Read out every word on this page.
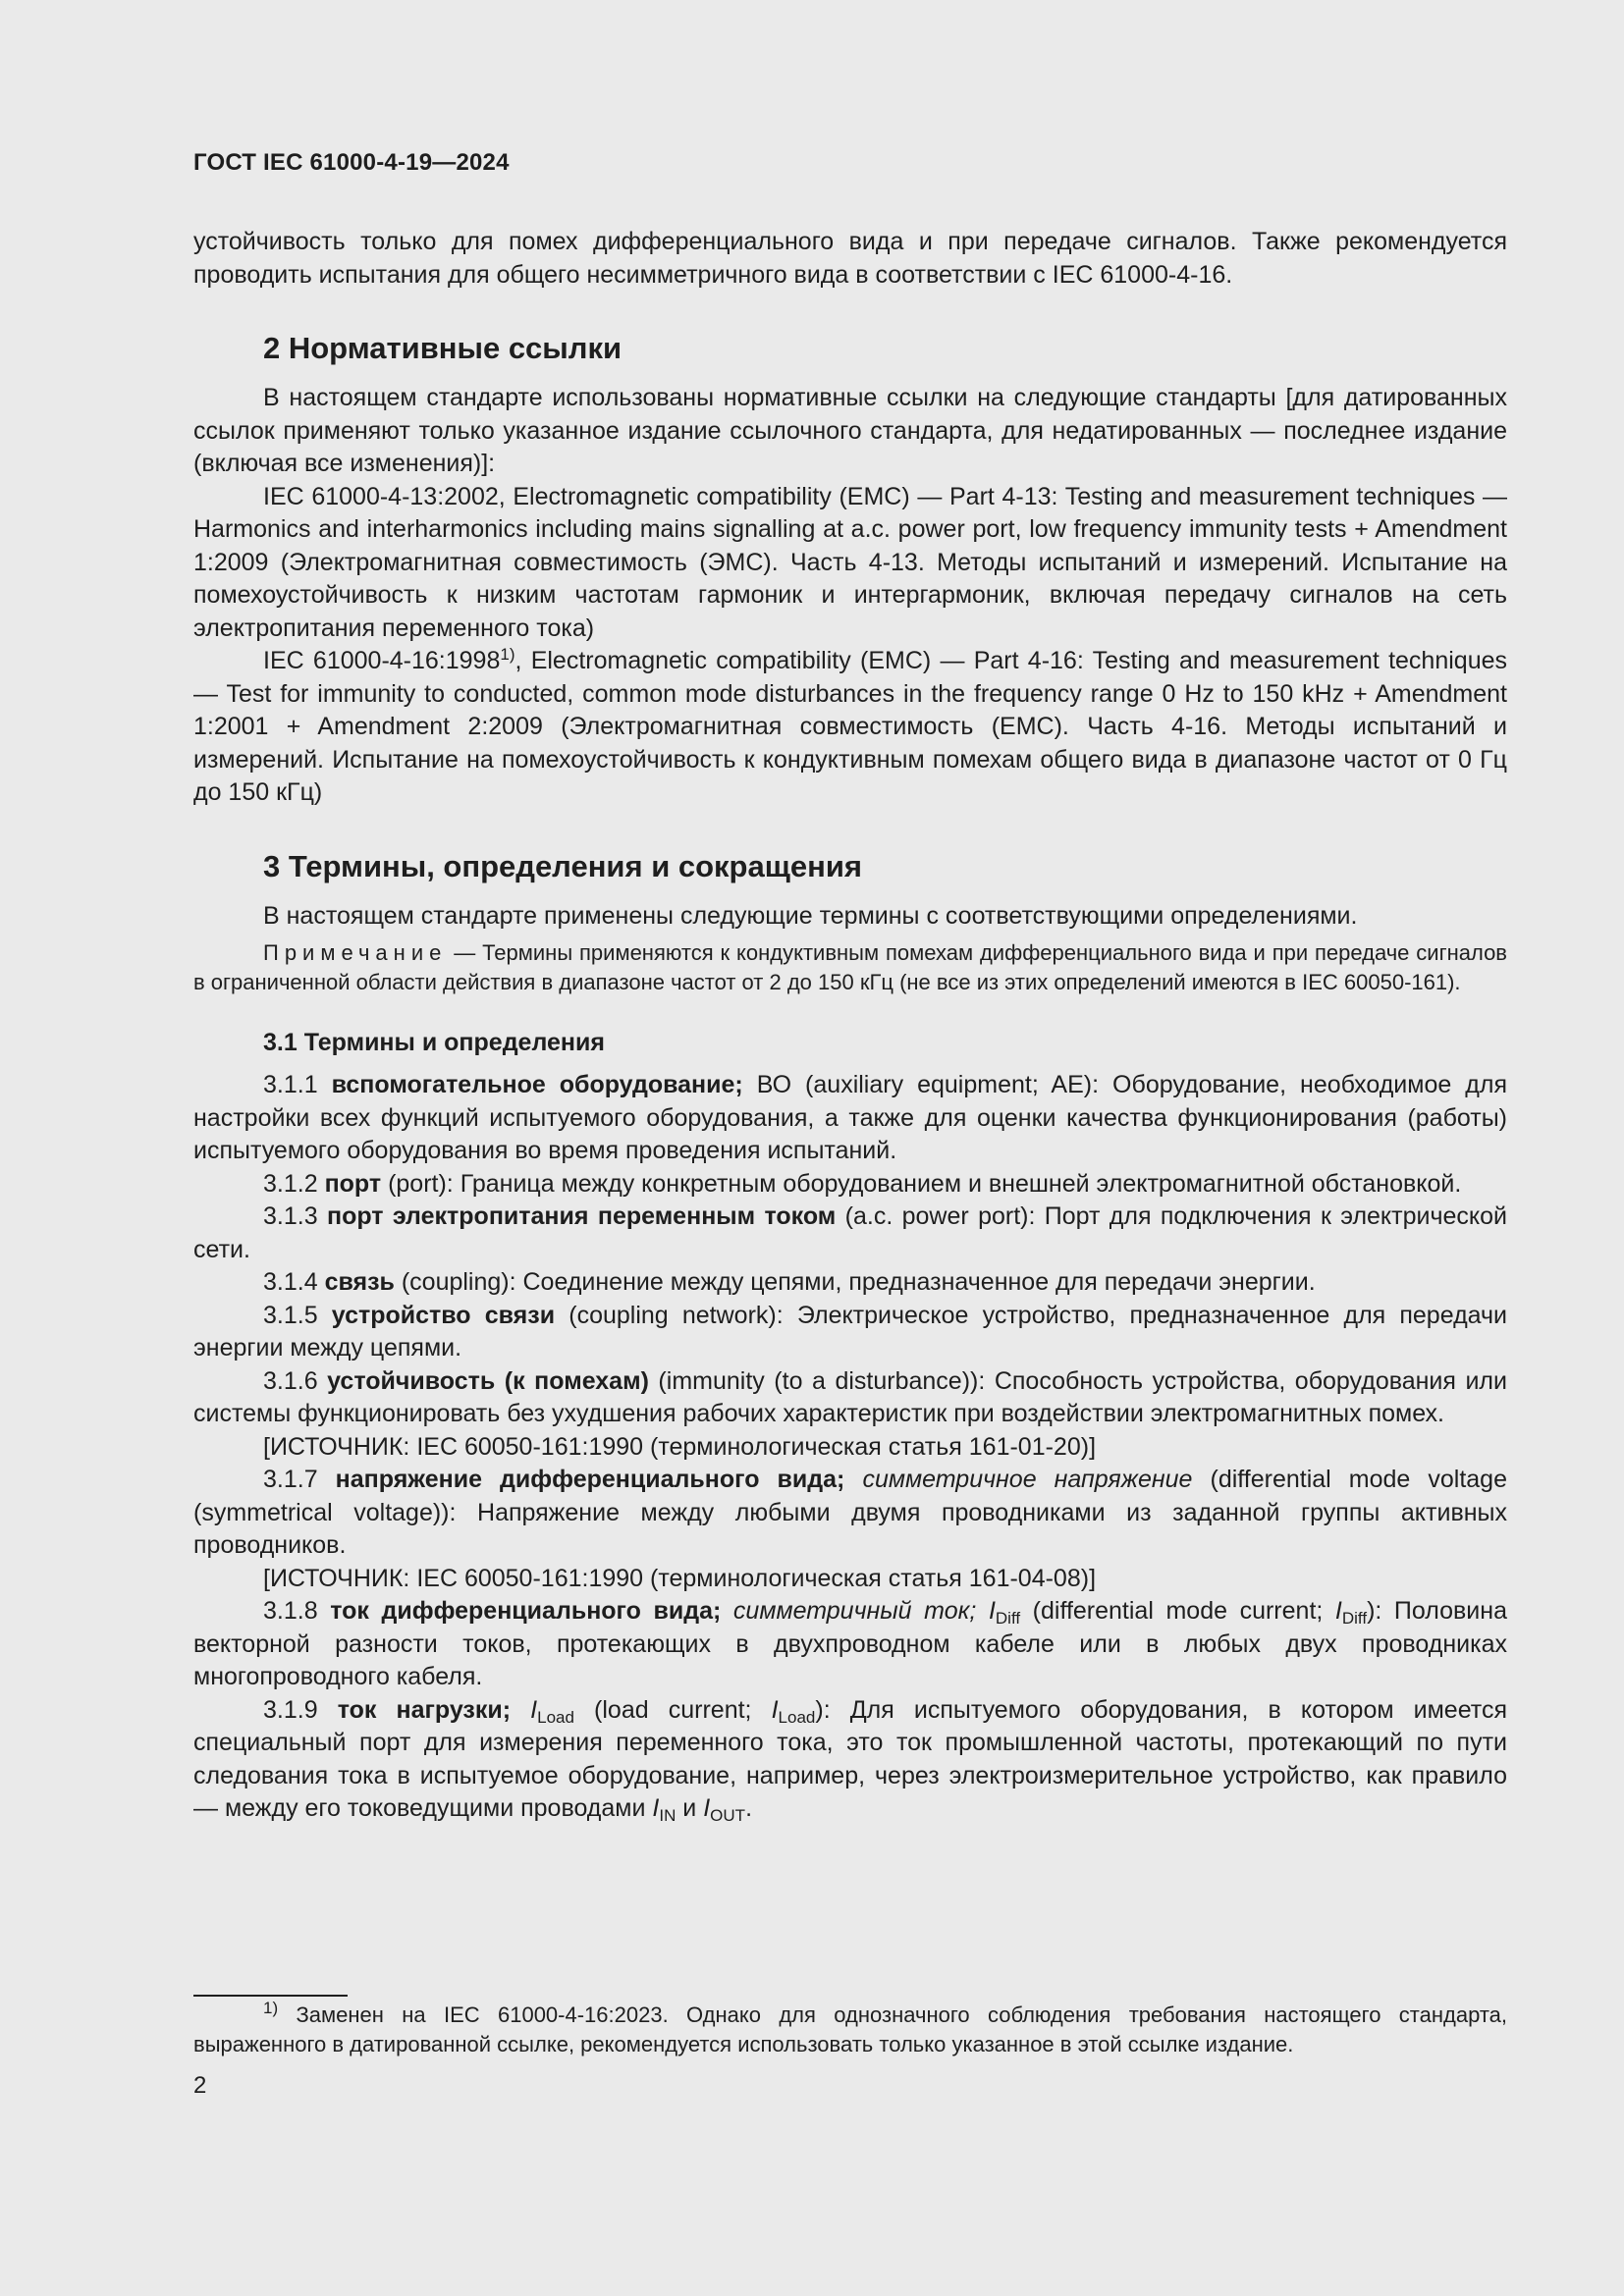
ГОСТ IEC 61000-4-19—2024

устойчивость только для помех дифференциального вида и при передаче сигналов. Также рекомендуется проводить испытания для общего несимметричного вида в соответствии с IEC 61000-4-16.

2 Нормативные ссылки

В настоящем стандарте использованы нормативные ссылки на следующие стандарты [для датированных ссылок применяют только указанное издание ссылочного стандарта, для недатированных — последнее издание (включая все изменения)]:

IEC 61000-4-13:2002, Electromagnetic compatibility (EMC) — Part 4-13: Testing and measurement techniques — Harmonics and interharmonics including mains signalling at a.c. power port, low frequency immunity tests + Amendment 1:2009 (Электромагнитная совместимость (ЭМС). Часть 4-13. Методы испытаний и измерений. Испытание на помехоустойчивость к низким частотам гармоник и интергармоник, включая передачу сигналов на сеть электропитания переменного тока)

IEC 61000-4-16:1998$^{1)}$, Electromagnetic compatibility (EMC) — Part 4-16: Testing and measurement techniques — Test for immunity to conducted, common mode disturbances in the frequency range 0 Hz to 150 kHz + Amendment 1:2001 + Amendment 2:2009 (Электромагнитная совместимость (ЕМС). Часть 4-16. Методы испытаний и измерений. Испытание на помехоустойчивость к кондуктивным помехам общего вида в диапазоне частот от 0 Гц до 150 кГц)

3 Термины, определения и сокращения

В настоящем стандарте применены следующие термины с соответствующими определениями.

Примечание — Термины применяются к кондуктивным помехам дифференциального вида и при передаче сигналов в ограниченной области действия в диапазоне частот от 2 до 150 кГц (не все из этих определений имеются в IEC 60050-161).

3.1 Термины и определения

3.1.1 вспомогательное оборудование; ВО (auxiliary equipment; AE): Оборудование, необходимое для настройки всех функций испытуемого оборудования, а также для оценки качества функционирования (работы) испытуемого оборудования во время проведения испытаний.

3.1.2 порт (port): Граница между конкретным оборудованием и внешней электромагнитной обстановкой.

3.1.3 порт электропитания переменным током (a.c. power port): Порт для подключения к электрической сети.

3.1.4 связь (coupling): Соединение между цепями, предназначенное для передачи энергии.

3.1.5 устройство связи (coupling network): Электрическое устройство, предназначенное для передачи энергии между цепями.

3.1.6 устойчивость (к помехам) (immunity (to a disturbance)): Способность устройства, оборудования или системы функционировать без ухудшения рабочих характеристик при воздействии электромагнитных помех.

[ИСТОЧНИК: IEC 60050-161:1990 (терминологическая статья 161-01-20)]

3.1.7 напряжение дифференциального вида; симметричное напряжение (differential mode voltage (symmetrical voltage)): Напряжение между любыми двумя проводниками из заданной группы активных проводников.

[ИСТОЧНИК: IEC 60050-161:1990 (терминологическая статья 161-04-08)]

3.1.8 ток дифференциального вида; симметричный ток; $I_{Diff}$ (differential mode current; $I_{Diff}$): Половина векторной разности токов, протекающих в двухпроводном кабеле или в любых двух проводниках многопроводного кабеля.

3.1.9 ток нагрузки; $I_{Load}$ (load current; $I_{Load}$): Для испытуемого оборудования, в котором имеется специальный порт для измерения переменного тока, это ток промышленной частоты, протекающий по пути следования тока в испытуемое оборудование, например, через электроизмерительное устройство, как правило — между его токоведущими проводами $I_{IN}$ и $I_{OUT}$.

$^{1)}$ Заменен на IEC 61000-4-16:2023. Однако для однозначного соблюдения требования настоящего стандарта, выраженного в датированной ссылке, рекомендуется использовать только указанное в этой ссылке издание.

2
